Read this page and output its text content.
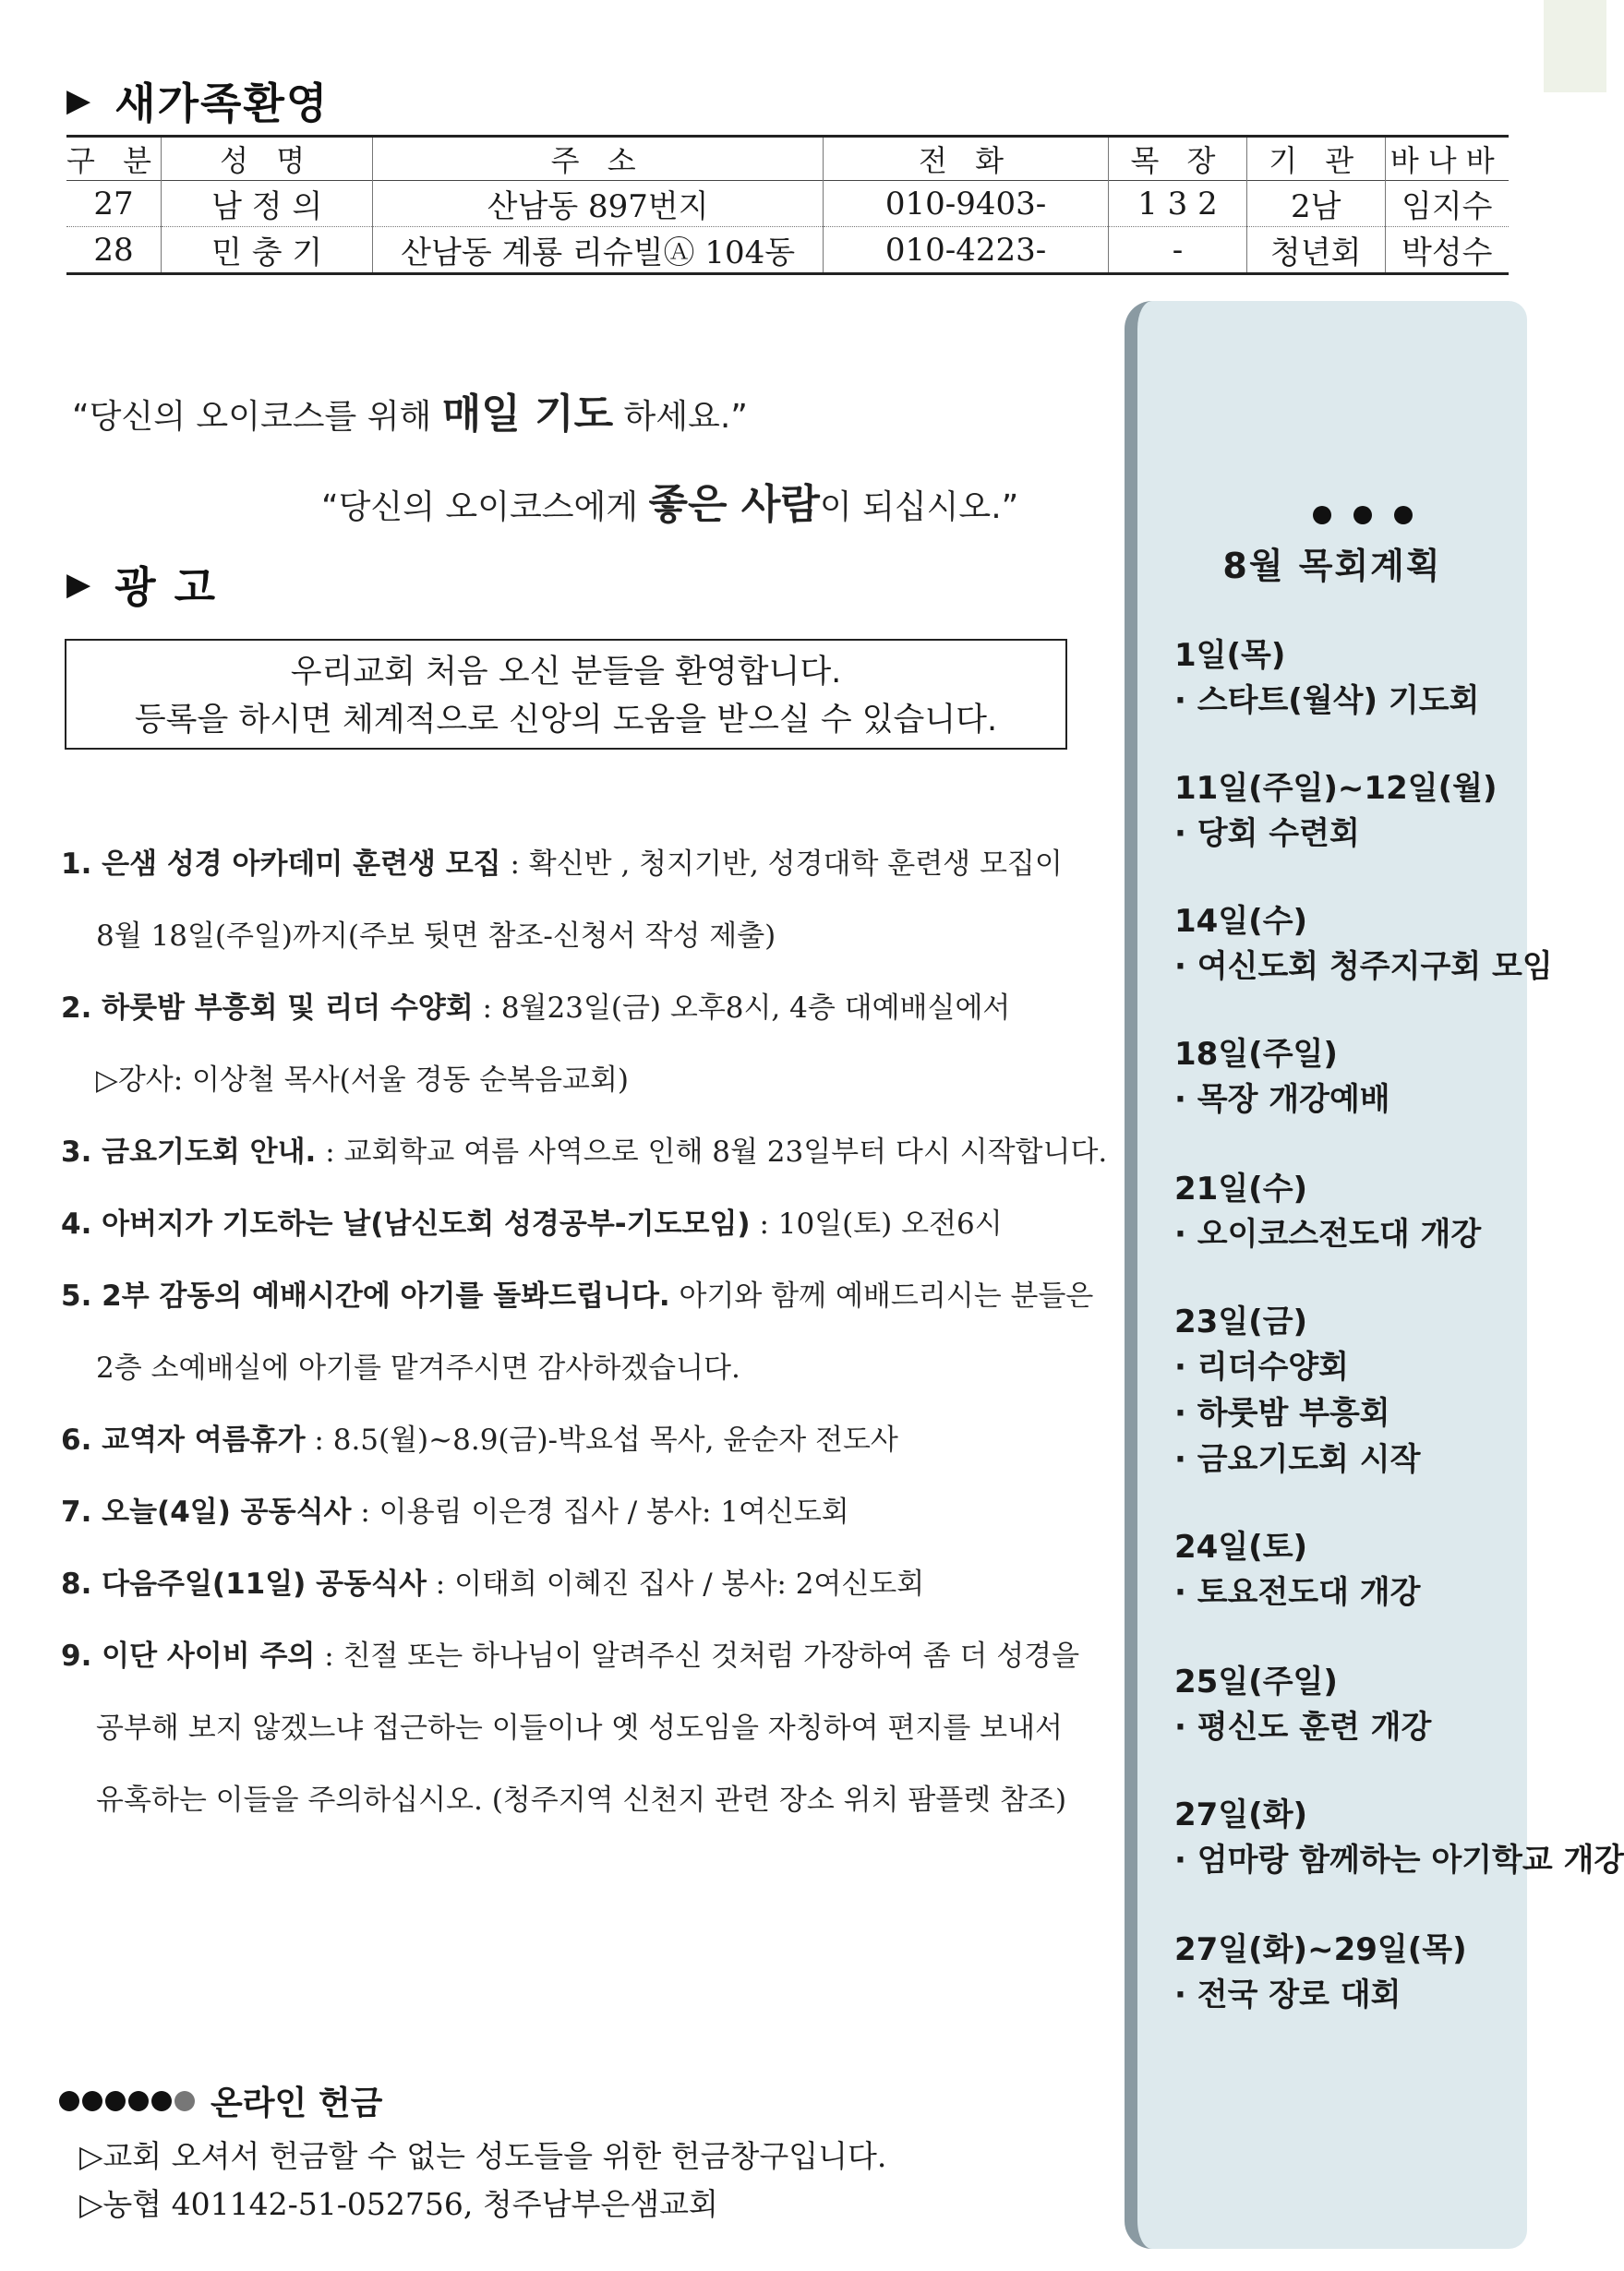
▶ 새가족환영
구 분	성 명	주 소	전 화	목 장	기 관	바나바
27	남 정 의	산남동 897번지	010-9403-	1 3 2	2남	임지수
28	민 충 기	산남동 계룡 리슈빌Ⓐ 104동	010-4223-	-	청년회	박성수
“당신의 오이코스를 위해 매일 기도 하세요.”
“당신의 오이코스에게 좋은 사람이 되십시오.”
▶ 광 고
우리교회 처음 오신 분들을 환영합니다.
등록을 하시면 체계적으로 신앙의 도움을 받으실 수 있습니다.
1. 은샘 성경 아카데미 훈련생 모집 : 확신반 , 청지기반, 성경대학 훈련생 모집이
8월 18일(주일)까지(주보 뒷면 참조-신청서 작성 제출)
2. 하룻밤 부흥회 및 리더 수양회 : 8월23일(금) 오후8시, 4층 대예배실에서
▷강사: 이상철 목사(서울 경동 순복음교회)
3. 금요기도회 안내. : 교회학교 여름 사역으로 인해 8월 23일부터 다시 시작합니다.
4. 아버지가 기도하는 날(남신도회 성경공부-기도모임) : 10일(토) 오전6시
5. 2부 감동의 예배시간에 아기를 돌봐드립니다. 아기와 함께 예배드리시는 분들은
2층 소예배실에 아기를 맡겨주시면 감사하겠습니다.
6. 교역자 여름휴가 : 8.5(월)~8.9(금)-박요섭 목사, 윤순자 전도사
7. 오늘(4일) 공동식사 : 이용림 이은경 집사 / 봉사: 1여신도회
8. 다음주일(11일) 공동식사 : 이태희 이혜진 집사 / 봉사: 2여신도회
9. 이단 사이비 주의 : 친절 또는 하나님이 알려주신 것처럼 가장하여 좀 더 성경을
공부해 보지 않겠느냐 접근하는 이들이나 옛 성도임을 자칭하여 편지를 보내서
유혹하는 이들을 주의하십시오. (청주지역 신천지 관련 장소 위치 팜플렛 참조)
온라인 헌금
▷교회 오셔서 헌금할 수 없는 성도들을 위한 헌금창구입니다.
▷농협 401142-51-052756, 청주남부은샘교회
8월 목회계획
1일(목)
· 스타트(월삭) 기도회
11일(주일)~12일(월)
· 당회 수련회
14일(수)
· 여신도회 청주지구회 모임
18일(주일)
· 목장 개강예배
21일(수)
· 오이코스전도대 개강
23일(금)
· 리더수양회
· 하룻밤 부흥회
· 금요기도회 시작
24일(토)
· 토요전도대 개강
25일(주일)
· 평신도 훈련 개강
27일(화)
· 엄마랑 함께하는 아기학교 개강
27일(화)~29일(목)
· 전국 장로 대회
